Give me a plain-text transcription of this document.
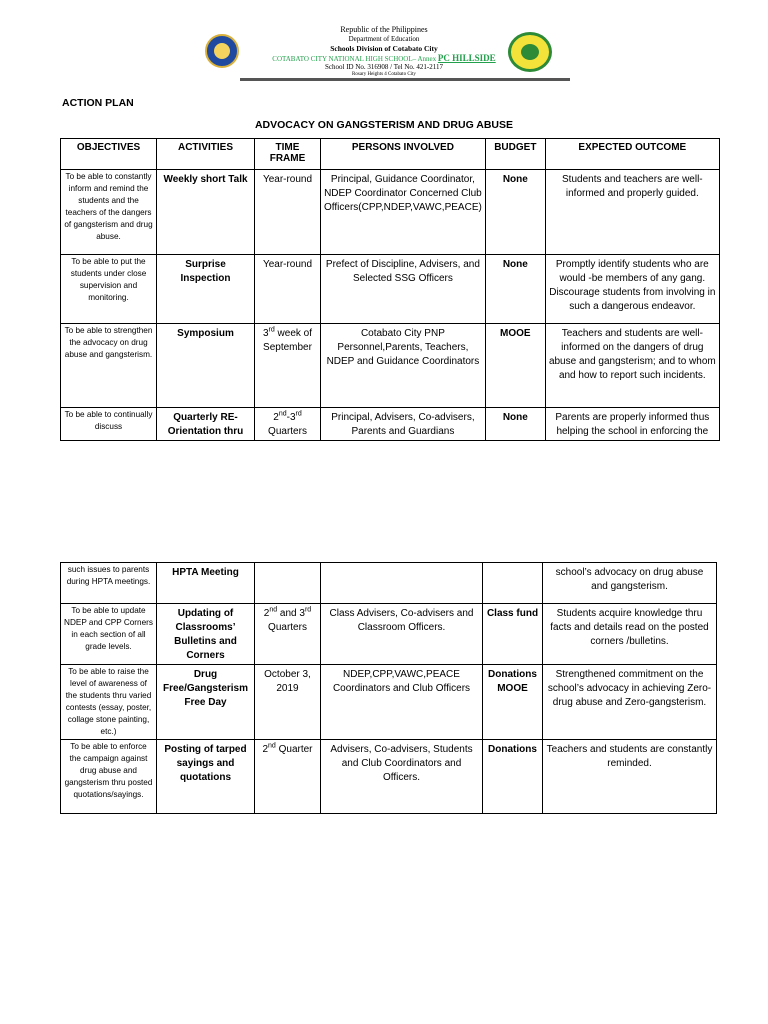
Republic of the Philippines
Department of Education
Schools Division of Cotabato City
COTABATO CITY NATIONAL HIGH SCHOOL– Annex PC HILLSIDE
School ID No. 316908 / Tel No. 421-2117
Rosary Heights 4 Cotabato City
ACTION PLAN
ADVOCACY ON GANGSTERISM AND DRUG ABUSE
OBJECTIVES	ACTIVITIES	TIME FRAME	PERSONS INVOLVED	BUDGET	EXPECTED OUTCOME
To be able to constantly inform and remind the students and the teachers of the dangers of gangsterism and drug abuse.	Weekly short Talk	Year-round	Principal, Guidance Coordinator, NDEP Coordinator Concerned Club Officers(CPP,NDEP,VAWC,PEACE)	None	Students and teachers are well-informed and properly guided.
To be able to put the students under close supervision and monitoring.	Surprise Inspection	Year-round	Prefect of Discipline, Advisers, and Selected SSG Officers	None	Promptly identify students who are would -be members of any gang. Discourage students from involving in such a dangerous endeavor.
To be able to strengthen the advocacy on drug abuse and gangsterism.	Symposium	3rd week of September	Cotabato City PNP Personnel,Parents, Teachers, NDEP and Guidance Coordinators	MOOE	Teachers and students are well-informed on the dangers of drug abuse and gangsterism; and to whom and how to report such incidents.
To be able to continually discuss	Quarterly RE-Orientation thru	2nd-3rd Quarters	Principal, Advisers, Co-advisers, Parents and Guardians	None	Parents are properly informed thus helping the school in enforcing the
such issues to parents during HPTA meetings.	HPTA Meeting				school’s advocacy on drug abuse and gangsterism.
To be able to update NDEP and CPP Corners in each section of all grade levels.	Updating of Classrooms’ Bulletins and Corners	2nd and 3rd Quarters	Class Advisers, Co-advisers and Classroom Officers.	Class fund	Students acquire knowledge thru facts and details read on the posted corners /bulletins.
To be able to raise the level of awareness of the students thru varied contests (essay, poster, collage stone painting, etc.)	Drug Free/Gangsterism Free Day	October 3, 2019	NDEP,CPP,VAWC,PEACE Coordinators and Club Officers	Donations MOOE	Strengthened commitment on the school’s advocacy in achieving Zero-drug abuse and Zero-gangsterism.
To be able to enforce the campaign against drug abuse and gangsterism thru posted quotations/sayings.	Posting of tarped sayings and quotations	2nd Quarter	Advisers, Co-advisers, Students and Club Coordinators and Officers.	Donations	Teachers and students are constantly reminded.
